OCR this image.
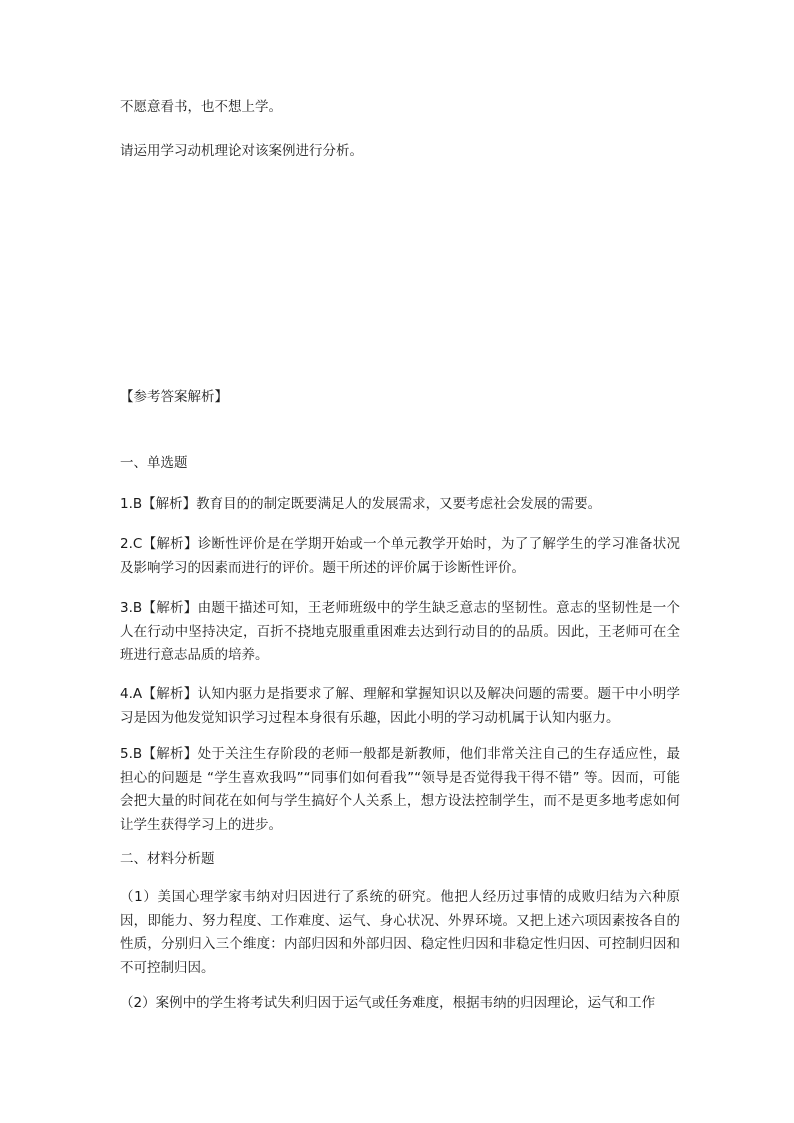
不愿意看书，也不想上学。
请运用学习动机理论对该案例进行分析。
【参考答案解析】
一、单选题
1.B【解析】教育目的的制定既要满足人的发展需求，又要考虑社会发展的需要。
2.C【解析】诊断性评价是在学期开始或一个单元教学开始时，为了了解学生的学习准备状况及影响学习的因素而进行的评价。题干所述的评价属于诊断性评价。
3.B【解析】由题干描述可知，王老师班级中的学生缺乏意志的坚韧性。意志的坚韧性是一个人在行动中坚持决定，百折不挠地克服重重困难去达到行动目的的品质。因此，王老师可在全班进行意志品质的培养。
4.A【解析】认知内驱力是指要求了解、理解和掌握知识以及解决问题的需要。题干中小明学习是因为他发觉知识学习过程本身很有乐趣，因此小明的学习动机属于认知内驱力。
5.B【解析】处于关注生存阶段的老师一般都是新教师，他们非常关注自己的生存适应性，最担心的问题是 “学生喜欢我吗”“同事们如何看我”“领导是否觉得我干得不错” 等。因而，可能会把大量的时间花在如何与学生搞好个人关系上，想方设法控制学生，而不是更多地考虑如何让学生获得学习上的进步。
二、材料分析题
（1）美国心理学家韦纳对归因进行了系统的研究。他把人经历过事情的成败归结为六种原因，即能力、努力程度、工作难度、运气、身心状况、外界环境。又把上述六项因素按各自的性质，分别归入三个维度：内部归因和外部归因、稳定性归因和非稳定性归因、可控制归因和不可控制归因。
（2）案例中的学生将考试失利归因于运气或任务难度，根据韦纳的归因理论，运气和工作
